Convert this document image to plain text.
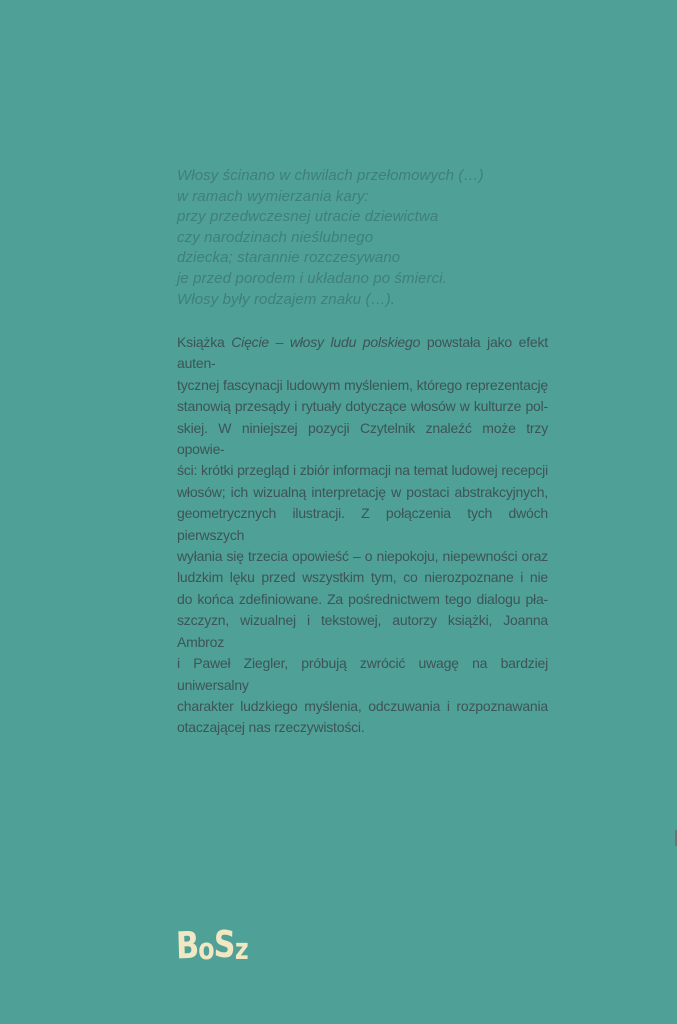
Włosy ścinano w chwilach przełomowych (…)
w ramach wymierzania kary:
przy przedwczesnej utracie dziewictwa
czy narodzinach nieślubnego
dziecka; starannie rozczesywano
je przed porodem i układano po śmierci.
Włosy były rodzajem znaku (…).
Książka Cięcie – włosy ludu polskiego powstała jako efekt auten-
tycznej fascynacji ludowym myśleniem, którego reprezentację
stanowią przesądy i rytuały dotyczące włosów w kulturze pol-
skiej. W niniejszej pozycji Czytelnik znaleźć może trzy opowie-
ści: krótki przegląd i zbiór informacji na temat ludowej recepcji
włosów; ich wizualną interpretację w postaci abstrakcyjnych,
geometrycznych ilustracji. Z połączenia tych dwóch pierwszych
wyłania się trzecia opowieść – o niepokoju, niepewności oraz
ludzkim lęku przed wszystkim tym, co nierozpoznane i nie
do końca zdefiniowane. Za pośrednictwem tego dialogu pła-
szczyzn, wizualnej i tekstowej, autorzy książki, Joanna Ambroz
i Paweł Ziegler, próbują zwrócić uwagę na bardziej uniwersalny
charakter ludzkiego myślenia, odczuwania i rozpoznawania
otaczającej nas rzeczywistości.
B
o
S
z
